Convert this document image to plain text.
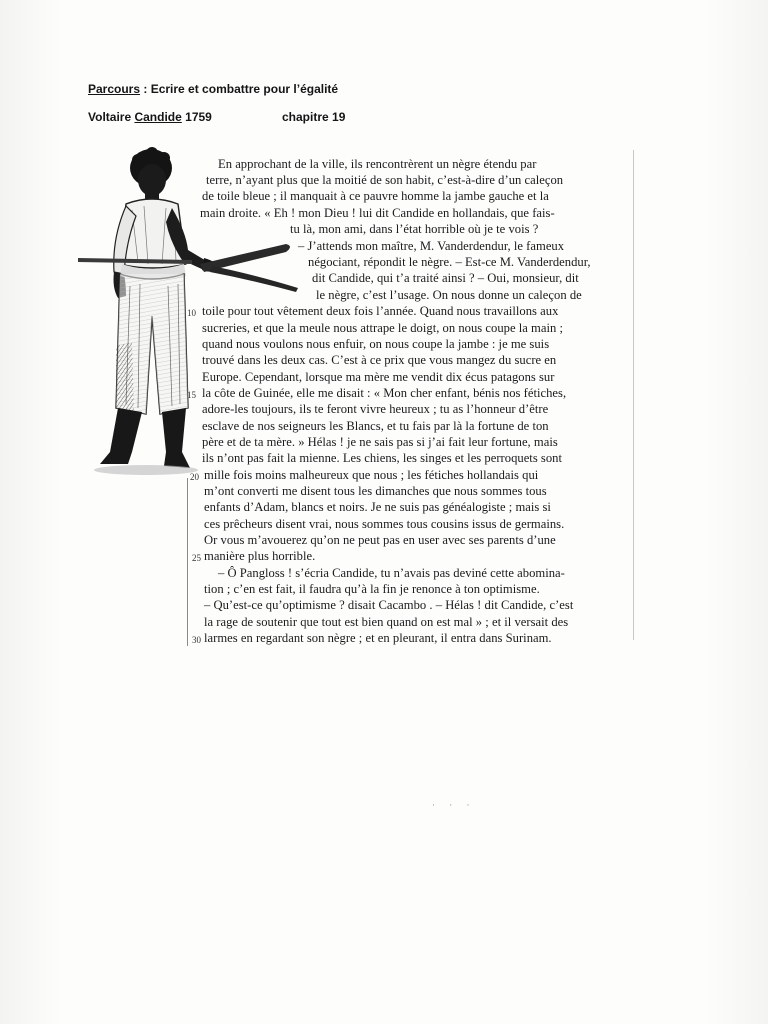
Parcours : Ecrire et combattre pour l’égalité
Voltaire Candide 1759	chapitre 19
En approchant de la ville, ils rencontrèrent un nègre étendu par
terre, n’ayant plus que la moitié de son habit, c’est-à-dire d’un caleçon
de toile bleue ; il manquait à ce pauvre homme la jambe gauche et la
main droite. « Eh ! mon Dieu ! lui dit Candide en hollandais, que fais-
tu là, mon ami, dans l’état horrible où je te vois ?
– J’attends mon maître, M. Vanderdendur, le fameux
négociant, répondit le nègre. – Est-ce M. Vanderdendur,
dit Candide, qui t’a traité ainsi ? – Oui, monsieur, dit
le nègre, c’est l’usage. On nous donne un caleçon de
toile pour tout vêtement deux fois l’année. Quand nous travaillons aux
sucreries, et que la meule nous attrape le doigt, on nous coupe la main ;
quand nous voulons nous enfuir, on nous coupe la jambe : je me suis
trouvé dans les deux cas. C’est à ce prix que vous mangez du sucre en
Europe. Cependant, lorsque ma mère me vendit dix écus patagons sur
la côte de Guinée, elle me disait : « Mon cher enfant, bénis nos fétiches,
adore-les toujours, ils te feront vivre heureux ; tu as l’honneur d’être
esclave de nos seigneurs les Blancs, et tu fais par là la fortune de ton
père et de ta mère. » Hélas ! je ne sais pas si j’ai fait leur fortune, mais
ils n’ont pas fait la mienne. Les chiens, les singes et les perroquets sont
mille fois moins malheureux que nous ; les fétiches hollandais qui
m’ont converti me disent tous les dimanches que nous sommes tous
enfants d’Adam, blancs et noirs. Je ne suis pas généalogiste ; mais si
ces prêcheurs disent vrai, nous sommes tous cousins issus de germains.
Or vous m’avouerez qu’on ne peut pas en user avec ses parents d’une
manière plus horrible.
– Ô Pangloss ! s’écria Candide, tu n’avais pas deviné cette abomina-
tion ; c’en est fait, il faudra qu’à la fin je renonce à ton optimisme.
– Qu’est-ce qu’optimisme ? disait Cacambo . – Hélas ! dit Candide, c’est
la rage de soutenir que tout est bien quand on est mal » ; et il versait des
larmes en regardant son nègre ; et en pleurant, il entra dans Surinam.
10
15
20
25
30
· · ·
